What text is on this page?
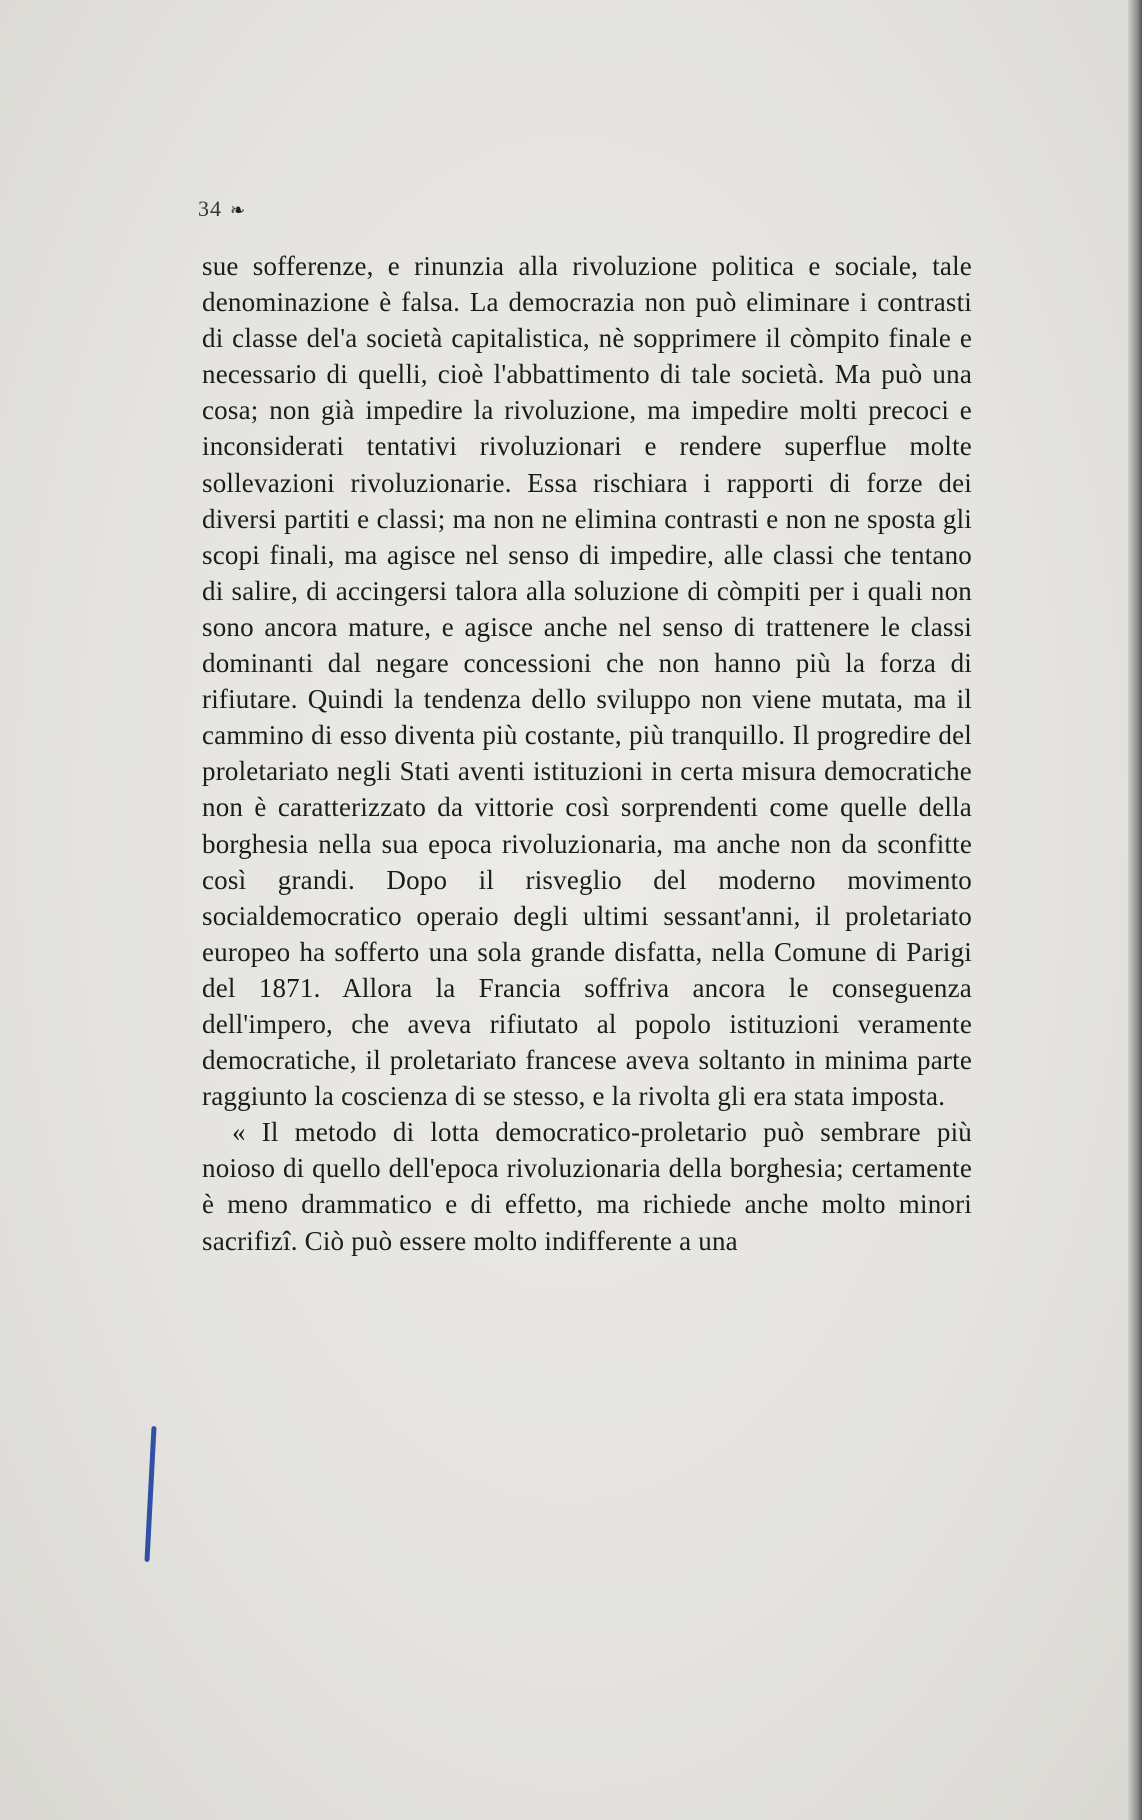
34 ❧

sue sofferenze, e rinunzia alla rivoluzione politica e sociale, tale denominazione è falsa. La democrazia non può eliminare i contrasti di classe del'a società capitalistica, nè sopprimere il còmpito finale e necessario di quelli, cioè l'abbattimento di tale società. Ma può una cosa; non già impedire la rivoluzione, ma impedire molti precoci e inconsiderati tentativi rivoluzionari e rendere superflue molte sollevazioni rivoluzionarie. Essa rischiara i rapporti di forze dei diversi partiti e classi; ma non ne elimina contrasti e non ne sposta gli scopi finali, ma agisce nel senso di impedire, alle classi che tentano di salire, di accingersi talora alla soluzione di còmpiti per i quali non sono ancora mature, e agisce anche nel senso di trattenere le classi dominanti dal negare concessioni che non hanno più la forza di rifiutare. Quindi la tendenza dello sviluppo non viene mutata, ma il cammino di esso diventa più costante, più tranquillo. Il progredire del proletariato negli Stati aventi istituzioni in certa misura democratiche non è caratterizzato da vittorie così sorprendenti come quelle della borghesia nella sua epoca rivoluzionaria, ma anche non da sconfitte così grandi. Dopo il risveglio del moderno movimento socialdemocratico operaio degli ultimi sessant'anni, il proletariato europeo ha sofferto una sola grande disfatta, nella Comune di Parigi del 1871. Allora la Francia soffriva ancora le conseguenza dell'impero, che aveva rifiutato al popolo istituzioni veramente democratiche, il proletariato francese aveva soltanto in minima parte raggiunto la coscienza di se stesso, e la rivolta gli era stata imposta.

« Il metodo di lotta democratico-proletario può sembrare più noioso di quello dell'epoca rivoluzionaria della borghesia; certamente è meno drammatico e di effetto, ma richiede anche molto minori sacrifizî. Ciò può essere molto indifferente a una
